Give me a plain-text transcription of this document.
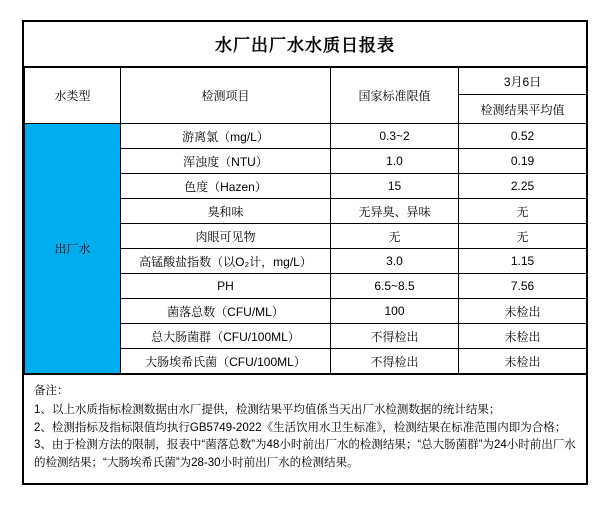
水厂出厂水水质日报表
水类型	检测项目	国家标准限值	3月6日
			检测结果平均值
出厂水	游离氯（mg/L）	0.3~2	0.52
	浑浊度（NTU）	1.0	0.19
	色度（Hazen）	15	2.25
	臭和味	无异臭、异味	无
	肉眼可见物	无	无
	高锰酸盐指数（以O₂计，mg/L）	3.0	1.15
	PH	6.5~8.5	7.56
	菌落总数（CFU/ML）	100	未检出
	总大肠菌群（CFU/100ML）	不得检出	未检出
	大肠埃希氏菌（CFU/100ML）	不得检出	未检出
备注：
1、以上水质指标检测数据由水厂提供，检测结果平均值係当天出厂水检测数据的统计结果；
2、检测指标及指标限值均执行GB5749-2022《生活饮用水卫生标准》，检测结果在标准范围内即为合格；
3、由于检测方法的限制，报表中“菌落总数”为48小时前出厂水的检测结果；“总大肠菌群”为24小时前出厂水的检测结果；“大肠埃希氏菌”为28-30小时前出厂水的检测结果。
